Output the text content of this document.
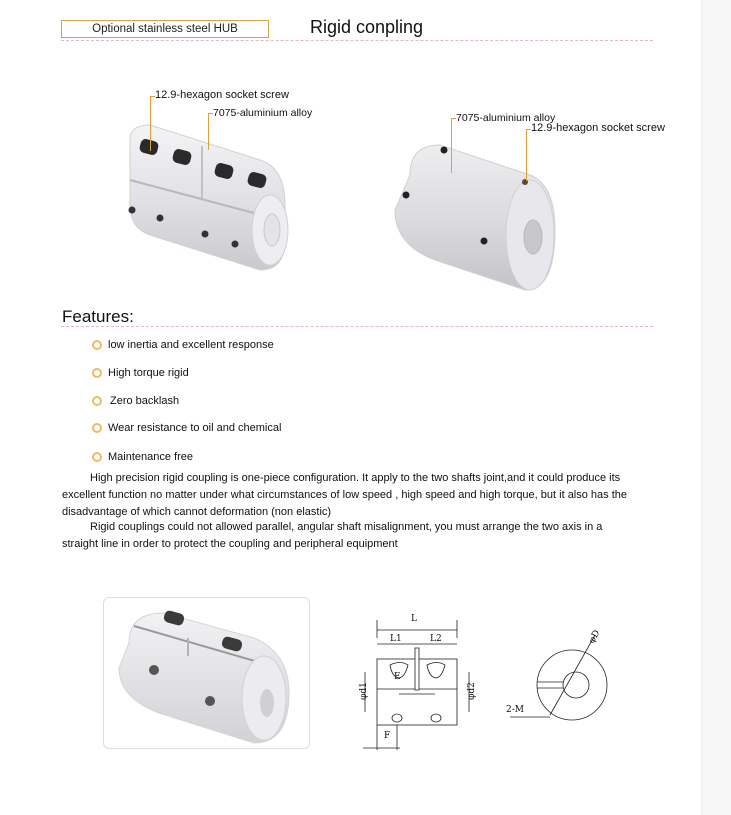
Optional stainless steel HUB	Rigid conpling
12.9-hexagon socket screw
7075-aluminium alloy	7075-aluminium alloy
12.9-hexagon socket screw
Features:
low inertia and excellent response
High torque rigid
Zero backlash
Wear resistance to oil and chemical
Maintenance free
High precision rigid coupling is one-piece configuration. It apply to the two shafts joint,and it could produce its
excellent function no matter under what circumstances of low speed , high speed and high torque, but it also has the
disadvantage of which cannot deformation (non elastic)
Rigid couplings could not allowed parallel, angular shaft misalignment, you must arrange the two axis in a
straight line in order to protect the coupling and peripheral equipment
L
L1	L2
E
F
φd1	φd2
φD
2-M
